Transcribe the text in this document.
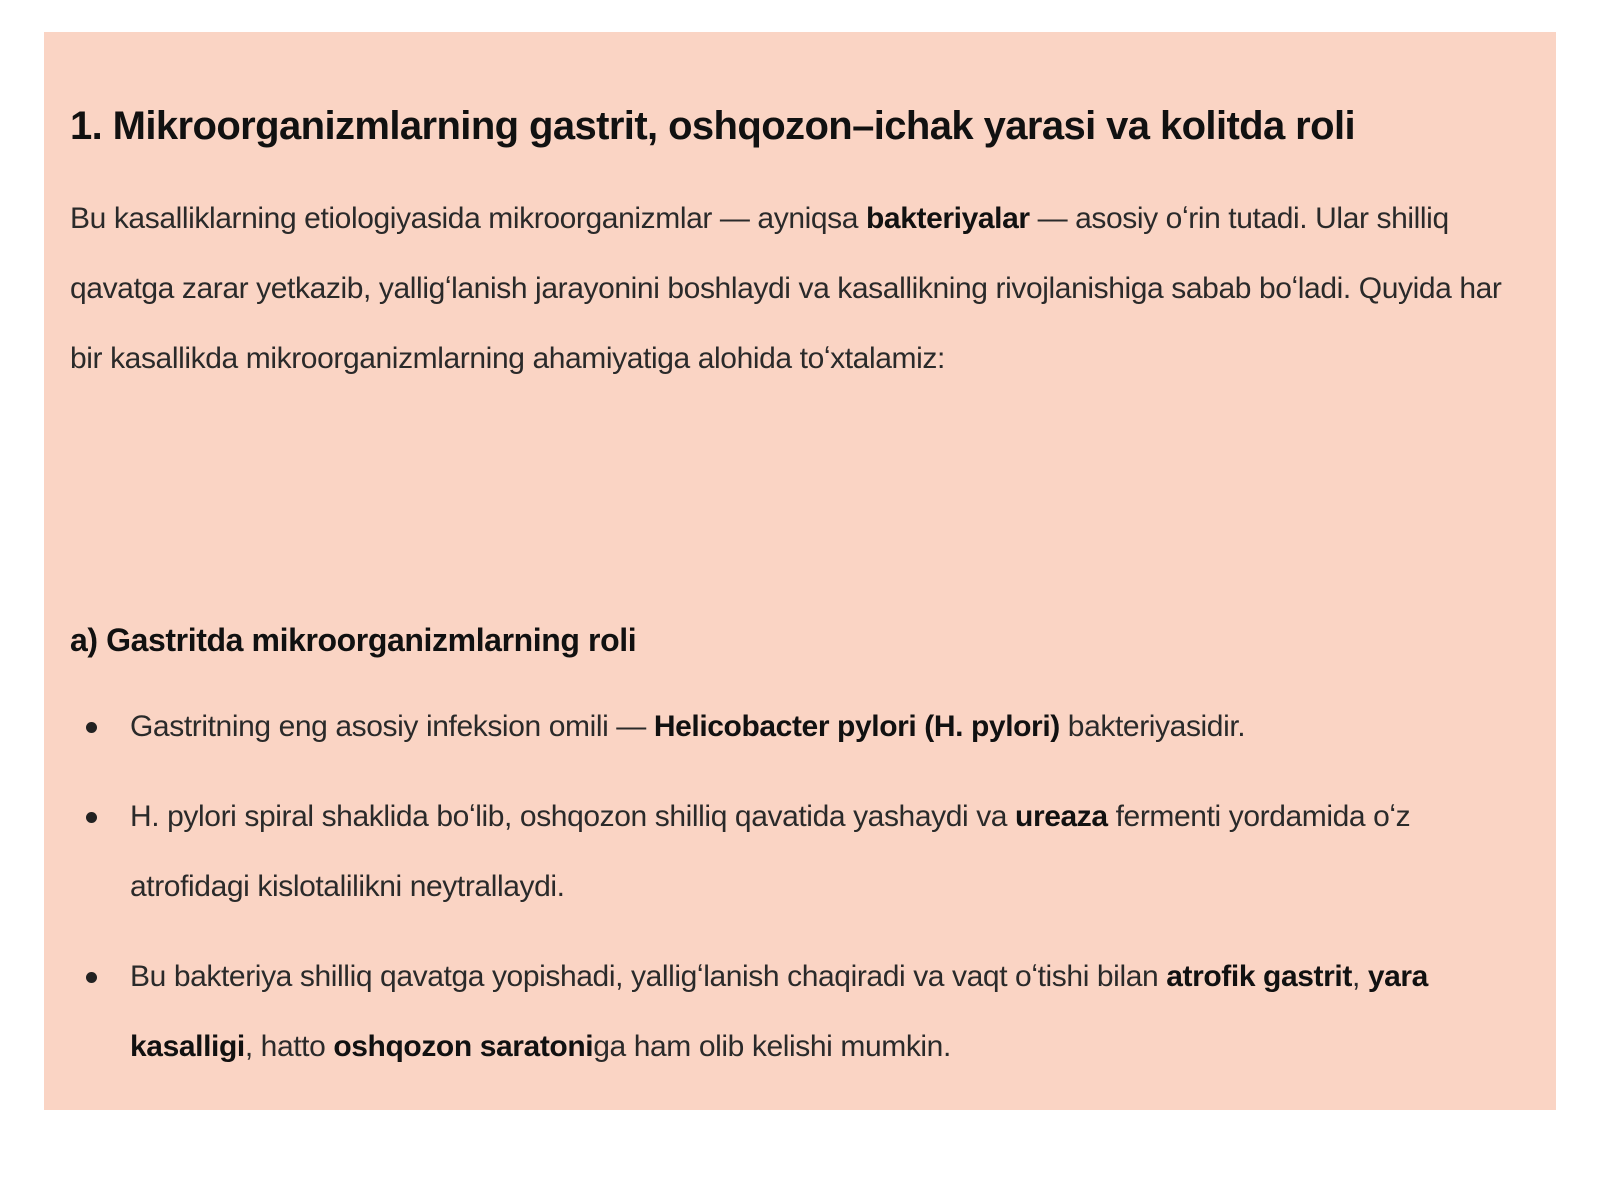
1. Mikroorganizmlarning gastrit, oshqozon–ichak yarasi va kolitda roli

Bu kasalliklarning etiologiyasida mikroorganizmlar — ayniqsa bakteriyalar — asosiy oʻrin tutadi. Ular shilliq qavatga zarar yetkazib, yalligʻlanish jarayonini boshlaydi va kasallikning rivojlanishiga sabab boʻladi. Quyida har bir kasallikda mikroorganizmlarning ahamiyatiga alohida toʻxtalamiz:

a) Gastritda mikroorganizmlarning roli
Gastritning eng asosiy infeksion omili — Helicobacter pylori (H. pylori) bakteriyasidir.
H. pylori spiral shaklida boʻlib, oshqozon shilliq qavatida yashaydi va ureaza fermenti yordamida oʻz atrofidagi kislotalilikni neytrallaydi.
Bu bakteriya shilliq qavatga yopishadi, yalligʻlanish chaqiradi va vaqt oʻtishi bilan atrofik gastrit, yara kasalligi, hatto oshqozon saratoniga ham olib kelishi mumkin.
